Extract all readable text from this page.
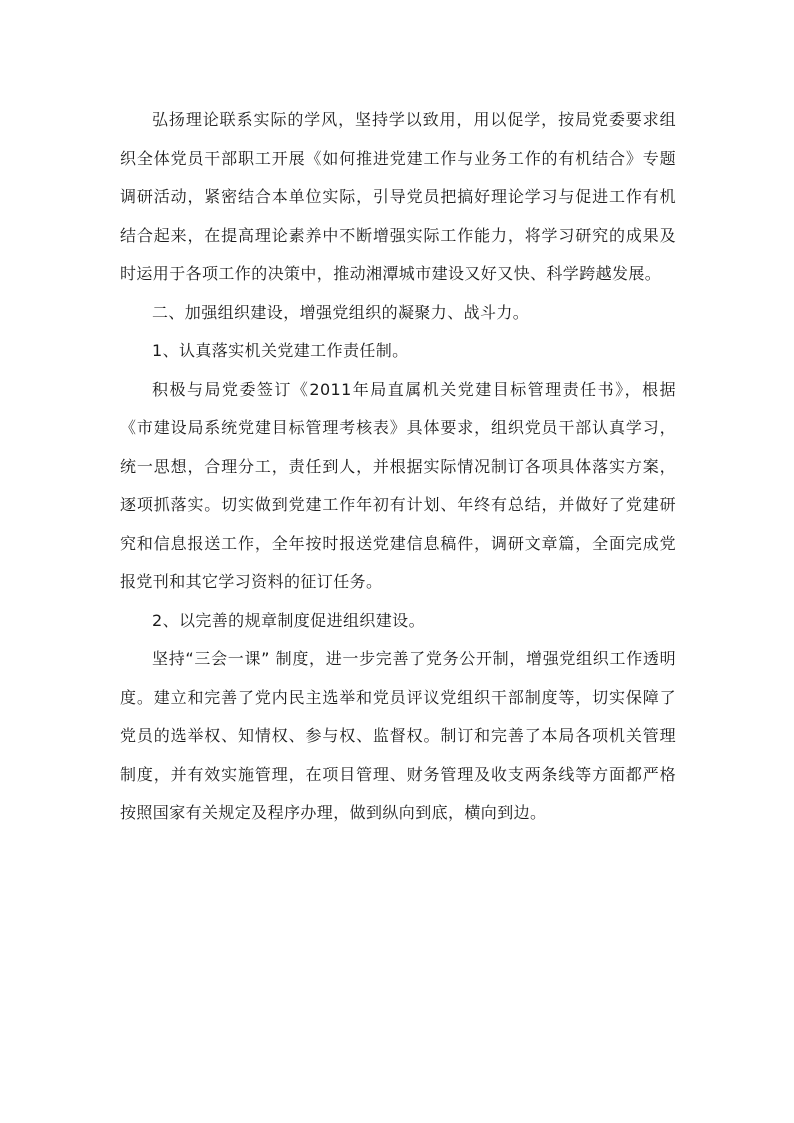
弘扬理论联系实际的学风，坚持学以致用，用以促学，按局党委要求组织全体党员干部职工开展《如何推进党建工作与业务工作的有机结合》专题调研活动，紧密结合本单位实际，引导党员把搞好理论学习与促进工作有机结合起来，在提高理论素养中不断增强实际工作能力，将学习研究的成果及时运用于各项工作的决策中，推动湘潭城市建设又好又快、科学跨越发展。

二、加强组织建设，增强党组织的凝聚力、战斗力。

1、认真落实机关党建工作责任制。

积极与局党委签订《2011年局直属机关党建目标管理责任书》，根据《市建设局系统党建目标管理考核表》具体要求，组织党员干部认真学习，统一思想，合理分工，责任到人，并根据实际情况制订各项具体落实方案，逐项抓落实。切实做到党建工作年初有计划、年终有总结，并做好了党建研究和信息报送工作，全年按时报送党建信息稿件，调研文章篇，全面完成党报党刊和其它学习资料的征订任务。

2、以完善的规章制度促进组织建设。

坚持“三会一课” 制度，进一步完善了党务公开制，增强党组织工作透明度。建立和完善了党内民主选举和党员评议党组织干部制度等，切实保障了党员的选举权、知情权、参与权、监督权。制订和完善了本局各项机关管理制度，并有效实施管理，在项目管理、财务管理及收支两条线等方面都严格按照国家有关规定及程序办理，做到纵向到底，横向到边。
